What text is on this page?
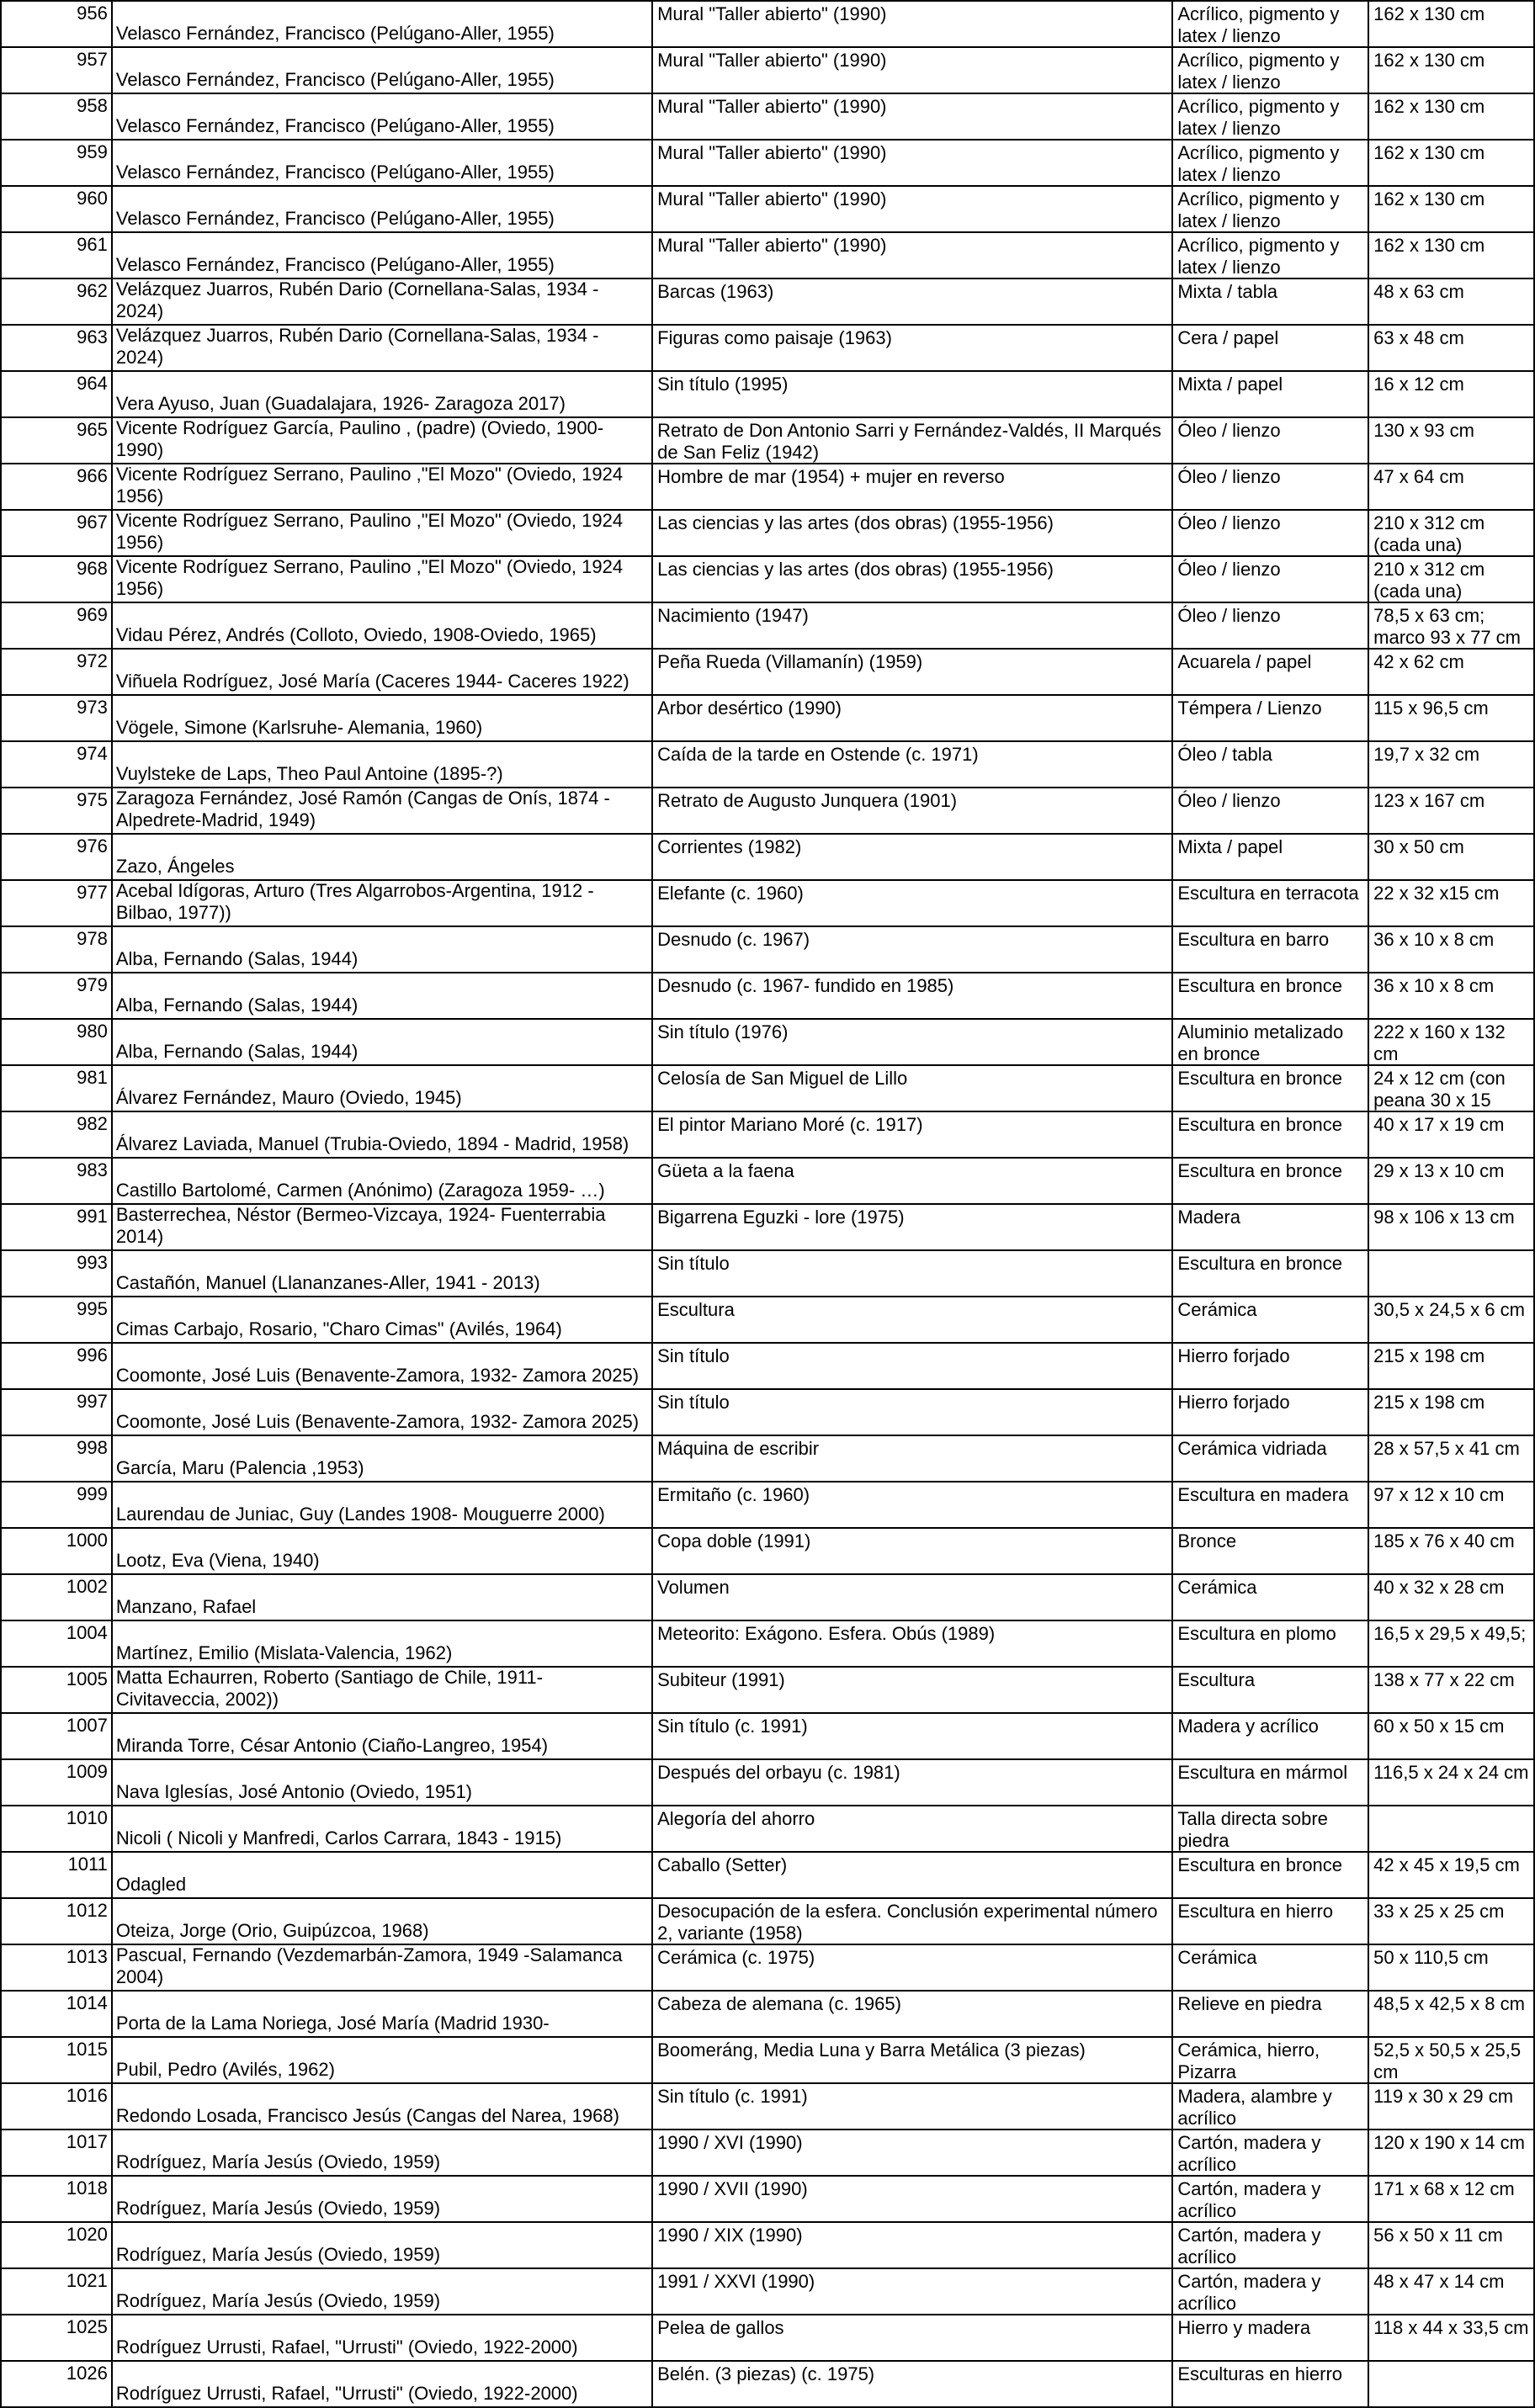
956	Velasco Fernández, Francisco (Pelúgano-Aller, 1955)	Mural "Taller abierto" (1990)	Acrílico, pigmento y latex / lienzo	162 x 130 cm

957	Velasco Fernández, Francisco (Pelúgano-Aller, 1955)	Mural "Taller abierto" (1990)	Acrílico, pigmento y latex / lienzo	162 x 130 cm

958	Velasco Fernández, Francisco (Pelúgano-Aller, 1955)	Mural "Taller abierto" (1990)	Acrílico, pigmento y latex / lienzo	162 x 130 cm

959	Velasco Fernández, Francisco (Pelúgano-Aller, 1955)	Mural "Taller abierto" (1990)	Acrílico, pigmento y latex / lienzo	162 x 130 cm

960	Velasco Fernández, Francisco (Pelúgano-Aller, 1955)	Mural "Taller abierto" (1990)	Acrílico, pigmento y latex / lienzo	162 x 130 cm

961	Velasco Fernández, Francisco (Pelúgano-Aller, 1955)	Mural "Taller abierto" (1990)	Acrílico, pigmento y latex / lienzo	162 x 130 cm

962	Velázquez Juarros, Rubén Dario (Cornellana-Salas, 1934 - 2024)	Barcas (1963)	Mixta / tabla	48 x 63 cm

963	Velázquez Juarros, Rubén Dario (Cornellana-Salas, 1934 - 2024)	Figuras como paisaje (1963)	Cera / papel	63 x 48 cm

964	Vera Ayuso, Juan (Guadalajara, 1926- Zaragoza 2017)	Sin título (1995)	Mixta / papel	16 x 12 cm

965	Vicente Rodríguez García, Paulino , (padre) (Oviedo, 1900-1990)	Retrato de Don Antonio Sarri y Fernández-Valdés, II Marqués de San Feliz (1942)	Óleo / lienzo	130 x 93 cm

966	Vicente Rodríguez Serrano, Paulino ,"El Mozo" (Oviedo, 1924 1956)	Hombre de mar (1954) + mujer en reverso	Óleo / lienzo	47 x 64 cm

967	Vicente Rodríguez Serrano, Paulino ,"El Mozo" (Oviedo, 1924 1956)	Las ciencias y las artes (dos obras) (1955-1956)	Óleo / lienzo	210 x 312 cm (cada una)

968	Vicente Rodríguez Serrano, Paulino ,"El Mozo" (Oviedo, 1924 1956)	Las ciencias y las artes (dos obras) (1955-1956)	Óleo / lienzo	210 x 312 cm (cada una)

969	Vidau Pérez, Andrés (Colloto, Oviedo, 1908-Oviedo, 1965)	Nacimiento (1947)	Óleo / lienzo	78,5 x 63 cm; marco 93 x 77 cm

972	Viñuela Rodríguez, José María (Caceres 1944- Caceres 1922)	Peña Rueda (Villamanín) (1959)	Acuarela / papel	42 x 62 cm

973	Vögele, Simone (Karlsruhe- Alemania, 1960)	Arbor desértico (1990)	Témpera / Lienzo	115 x 96,5 cm

974	Vuylsteke de Laps, Theo Paul Antoine (1895-?)	Caída de la tarde en Ostende (c. 1971)	Óleo / tabla	19,7 x 32 cm

975	Zaragoza Fernández, José Ramón (Cangas de Onís, 1874 - Alpedrete-Madrid, 1949)	Retrato de Augusto Junquera (1901)	Óleo / lienzo	123 x 167 cm

976	Zazo, Ángeles	Corrientes (1982)	Mixta / papel	30 x 50 cm

977	Acebal Idígoras, Arturo (Tres Algarrobos-Argentina, 1912 - Bilbao, 1977))	Elefante (c. 1960)	Escultura en terracota	22 x 32 x15 cm

978	Alba, Fernando (Salas, 1944)	Desnudo (c. 1967)	Escultura en barro	36 x 10 x 8 cm

979	Alba, Fernando (Salas, 1944)	Desnudo (c. 1967- fundido en 1985)	Escultura en bronce	36 x 10 x 8 cm

980	Alba, Fernando (Salas, 1944)	Sin título (1976)	Aluminio metalizado en bronce	222 x 160 x 132 cm

981	Álvarez Fernández, Mauro (Oviedo, 1945)	Celosía de San Miguel de Lillo	Escultura en bronce	24 x 12 cm (con peana 30 x 15

982	Álvarez Laviada, Manuel (Trubia-Oviedo, 1894 - Madrid, 1958)	El pintor Mariano Moré (c. 1917)	Escultura en bronce	40 x 17 x 19 cm

983	Castillo Bartolomé, Carmen (Anónimo) (Zaragoza 1959- …)	Güeta a la faena	Escultura en bronce	29 x 13 x 10 cm

991	Basterrechea, Néstor (Bermeo-Vizcaya, 1924- Fuenterrabia 2014)	Bigarrena Eguzki - lore (1975)	Madera	98 x 106 x 13 cm

993	Castañón, Manuel (Llananzanes-Aller, 1941 - 2013)	Sin título	Escultura en bronce	

995	Cimas Carbajo, Rosario, "Charo Cimas" (Avilés, 1964)	Escultura	Cerámica	30,5 x 24,5 x 6 cm

996	Coomonte, José Luis (Benavente-Zamora, 1932- Zamora 2025)	Sin título	Hierro forjado	215 x 198 cm

997	Coomonte, José Luis (Benavente-Zamora, 1932- Zamora 2025)	Sin título	Hierro forjado	215 x 198 cm

998	García, Maru (Palencia ,1953)	Máquina de escribir	Cerámica vidriada	28 x 57,5 x 41 cm

999	Laurendau de Juniac, Guy (Landes 1908- Mouguerre 2000)	Ermitaño (c. 1960)	Escultura en madera	97 x 12 x 10 cm

1000	Lootz, Eva (Viena, 1940)	Copa doble (1991)	Bronce	185 x 76 x 40 cm

1002	Manzano, Rafael	Volumen	Cerámica	40 x 32 x 28 cm

1004	Martínez, Emilio (Mislata-Valencia, 1962)	Meteorito: Exágono. Esfera. Obús (1989)	Escultura en plomo	16,5 x 29,5 x 49,5;

1005	Matta Echaurren, Roberto (Santiago de Chile, 1911- Civitaveccia, 2002))	Subiteur (1991)	Escultura	138 x 77 x 22 cm

1007	Miranda Torre, César Antonio (Ciaño-Langreo, 1954)	Sin título (c. 1991)	Madera y acrílico	60 x 50 x 15 cm

1009	Nava Iglesías, José Antonio (Oviedo, 1951)	Después del orbayu (c. 1981)	Escultura en mármol	116,5 x 24 x 24 cm

1010	Nicoli ( Nicoli y Manfredi, Carlos Carrara, 1843 - 1915)	Alegoría del ahorro	Talla directa sobre piedra	

1011	Odagled	Caballo (Setter)	Escultura en bronce	42 x 45 x 19,5 cm

1012	Oteiza, Jorge (Orio, Guipúzcoa, 1968)	Desocupación de la esfera. Conclusión experimental número 2, variante (1958)	Escultura en hierro	33 x 25 x 25 cm

1013	Pascual, Fernando (Vezdemarbán-Zamora, 1949 -Salamanca 2004)	Cerámica (c. 1975)	Cerámica	50 x 110,5 cm

1014	Porta de la Lama Noriega, José María (Madrid 1930-	Cabeza de alemana (c. 1965)	Relieve en piedra	48,5 x 42,5 x 8 cm

1015	Pubil, Pedro (Avilés, 1962)	Boomeráng, Media Luna y Barra Metálica (3 piezas)	Cerámica, hierro, Pizarra	52,5 x 50,5 x 25,5 cm

1016	Redondo Losada, Francisco Jesús (Cangas del Narea, 1968)	Sin título (c. 1991)	Madera, alambre y acrílico	119 x 30 x 29 cm

1017	Rodríguez, María Jesús (Oviedo, 1959)	1990 / XVI (1990)	Cartón, madera y acrílico	120 x 190 x 14 cm

1018	Rodríguez, María Jesús (Oviedo, 1959)	1990 / XVII (1990)	Cartón, madera y acrílico	171 x 68 x 12 cm

1020	Rodríguez, María Jesús (Oviedo, 1959)	1990 / XIX (1990)	Cartón, madera y acrílico	56 x 50 x 11 cm

1021	Rodríguez, María Jesús (Oviedo, 1959)	1991 / XXVI (1990)	Cartón, madera y acrílico	48 x 47 x 14 cm

1025	Rodríguez Urrusti, Rafael, "Urrusti" (Oviedo, 1922-2000)	Pelea de gallos	Hierro y madera	118 x 44 x 33,5 cm

1026	Rodríguez Urrusti, Rafael, "Urrusti" (Oviedo, 1922-2000)	Belén. (3 piezas) (c. 1975)	Esculturas en hierro	
